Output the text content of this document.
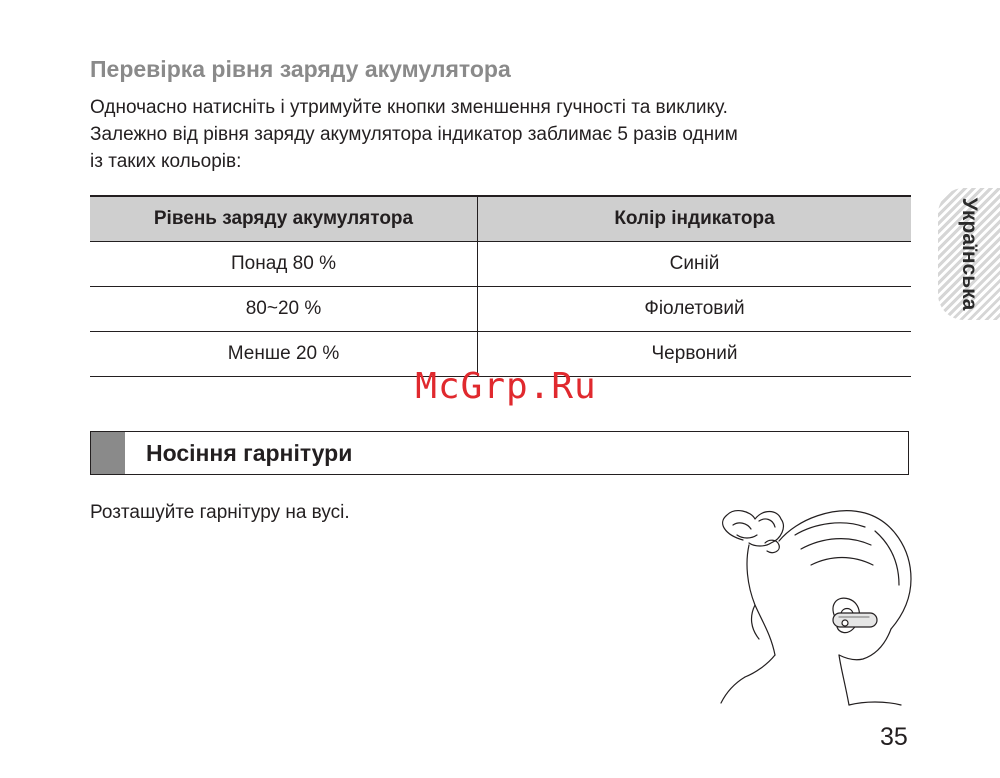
Перевірка рівня заряду акумулятора

Одночасно натисніть і утримуйте кнопки зменшення гучності та виклику.
Залежно від рівня заряду акумулятора індикатор заблимає 5 разів одним
із таких кольорів:

Рівень заряду акумулятора	Колір індикатора
Понад 80 %	Синій
80~20 %	Фіолетовий
Менше 20 %	Червоний
McGrp.Ru
Носіння гарнітури

Розташуйте гарнітуру на вусі.

Українська
35
